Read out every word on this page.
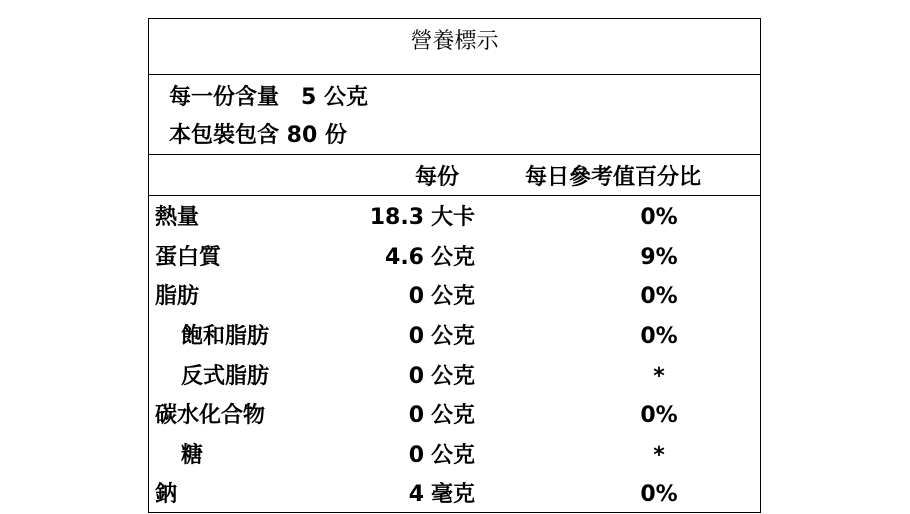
營養標示
每一份含量　5 公克
本包裝包含 80 份
每份	每日參考值百分比
熱量	18.3 大卡	0%
蛋白質	4.6 公克	9%
脂肪	0 公克	0%
飽和脂肪	0 公克	0%
反式脂肪	0 公克	*
碳水化合物	0 公克	0%
糖	0 公克	*
鈉	4 毫克	0%
